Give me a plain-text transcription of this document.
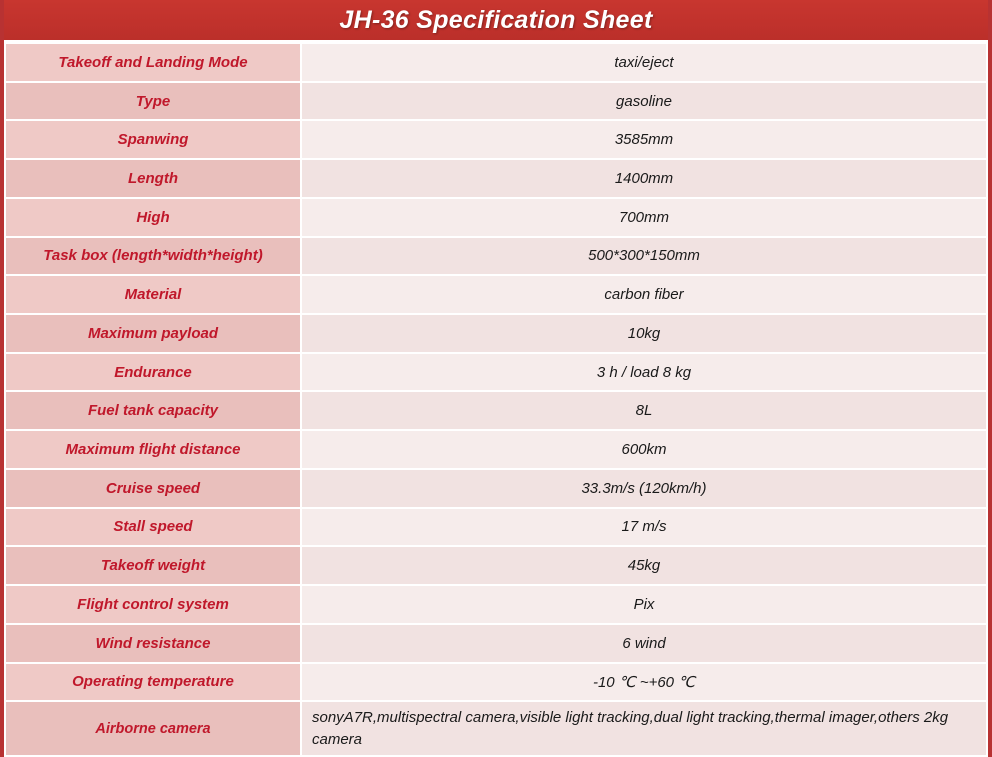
JH-36 Specification Sheet
Takeoff and Landing Mode	taxi/eject
Type	gasoline
Spanwing	3585mm
Length	1400mm
High	700mm
Task box (length*width*height)	500*300*150mm
Material	carbon fiber
Maximum payload	10kg
Endurance	3 h / load 8 kg
Fuel tank capacity	8L
Maximum flight distance	600km
Cruise speed	33.3m/s (120km/h)
Stall speed	17 m/s
Takeoff weight	45kg
Flight control system	Pix
Wind resistance	6 wind
Operating temperature	-10 ℃ ~+60 ℃
Airborne camera	sonyA7R,multispectral camera,visible light tracking,dual light tracking,thermal imager,others 2kg camera
